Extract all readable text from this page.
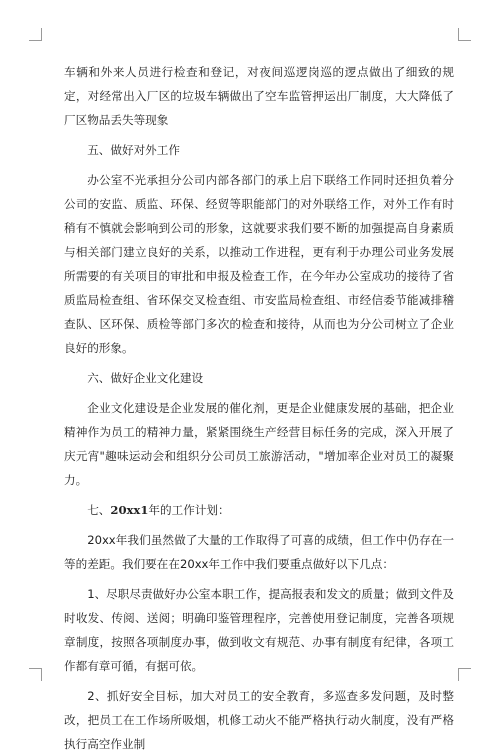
车辆和外来人员进行检查和登记，对夜间巡逻岗巡的逻点做出了细致的规定，对经常出入厂区的垃圾车辆做出了空车监管押运出厂制度，大大降低了厂区物品丢失等现象

五、做好对外工作

办公室不光承担分公司内部各部门的承上启下联络工作同时还担负着分公司的安监、质监、环保、经贸等职能部门的对外联络工作，对外工作有时稍有不慎就会影响到公司的形象，这就要求我们要不断的加强提高自身素质与相关部门建立良好的关系，以推动工作进程，更有利于办理公司业务发展所需要的有关项目的审批和申报及检查工作，在今年办公室成功的接待了省质监局检查组、省环保交叉检查组、市安监局检查组、市经信委节能减排稽查队、区环保、质检等部门多次的检查和接待，从而也为分公司树立了企业良好的形象。

六、做好企业文化建设

企业文化建设是企业发展的催化剂，更是企业健康发展的基础，把企业精神作为员工的精神力量，紧紧围绕生产经营目标任务的完成，深入开展了庆元宵"趣味运动会和组织分公司员工旅游活动，"增加率企业对员工的凝聚力。

七、20xx1年的工作计划：

20xx年我们虽然做了大量的工作取得了可喜的成绩，但工作中仍存在一等的差距。我们要在在20xx年工作中我们要重点做好以下几点：

1、尽职尽责做好办公室本职工作，提高报表和发文的质量；做到文件及时收发、传阅、送阅；明确印鉴管理程序，完善使用登记制度，完善各项规章制度，按照各项制度办事，做到收文有规范、办事有制度有纪律，各项工作都有章可循，有据可依。

2、抓好安全目标，加大对员工的安全教育，多巡查多发问题，及时整改，把员工在工作场所吸烟，机修工动火不能严格执行动火制度，没有严格执行高空作业制
